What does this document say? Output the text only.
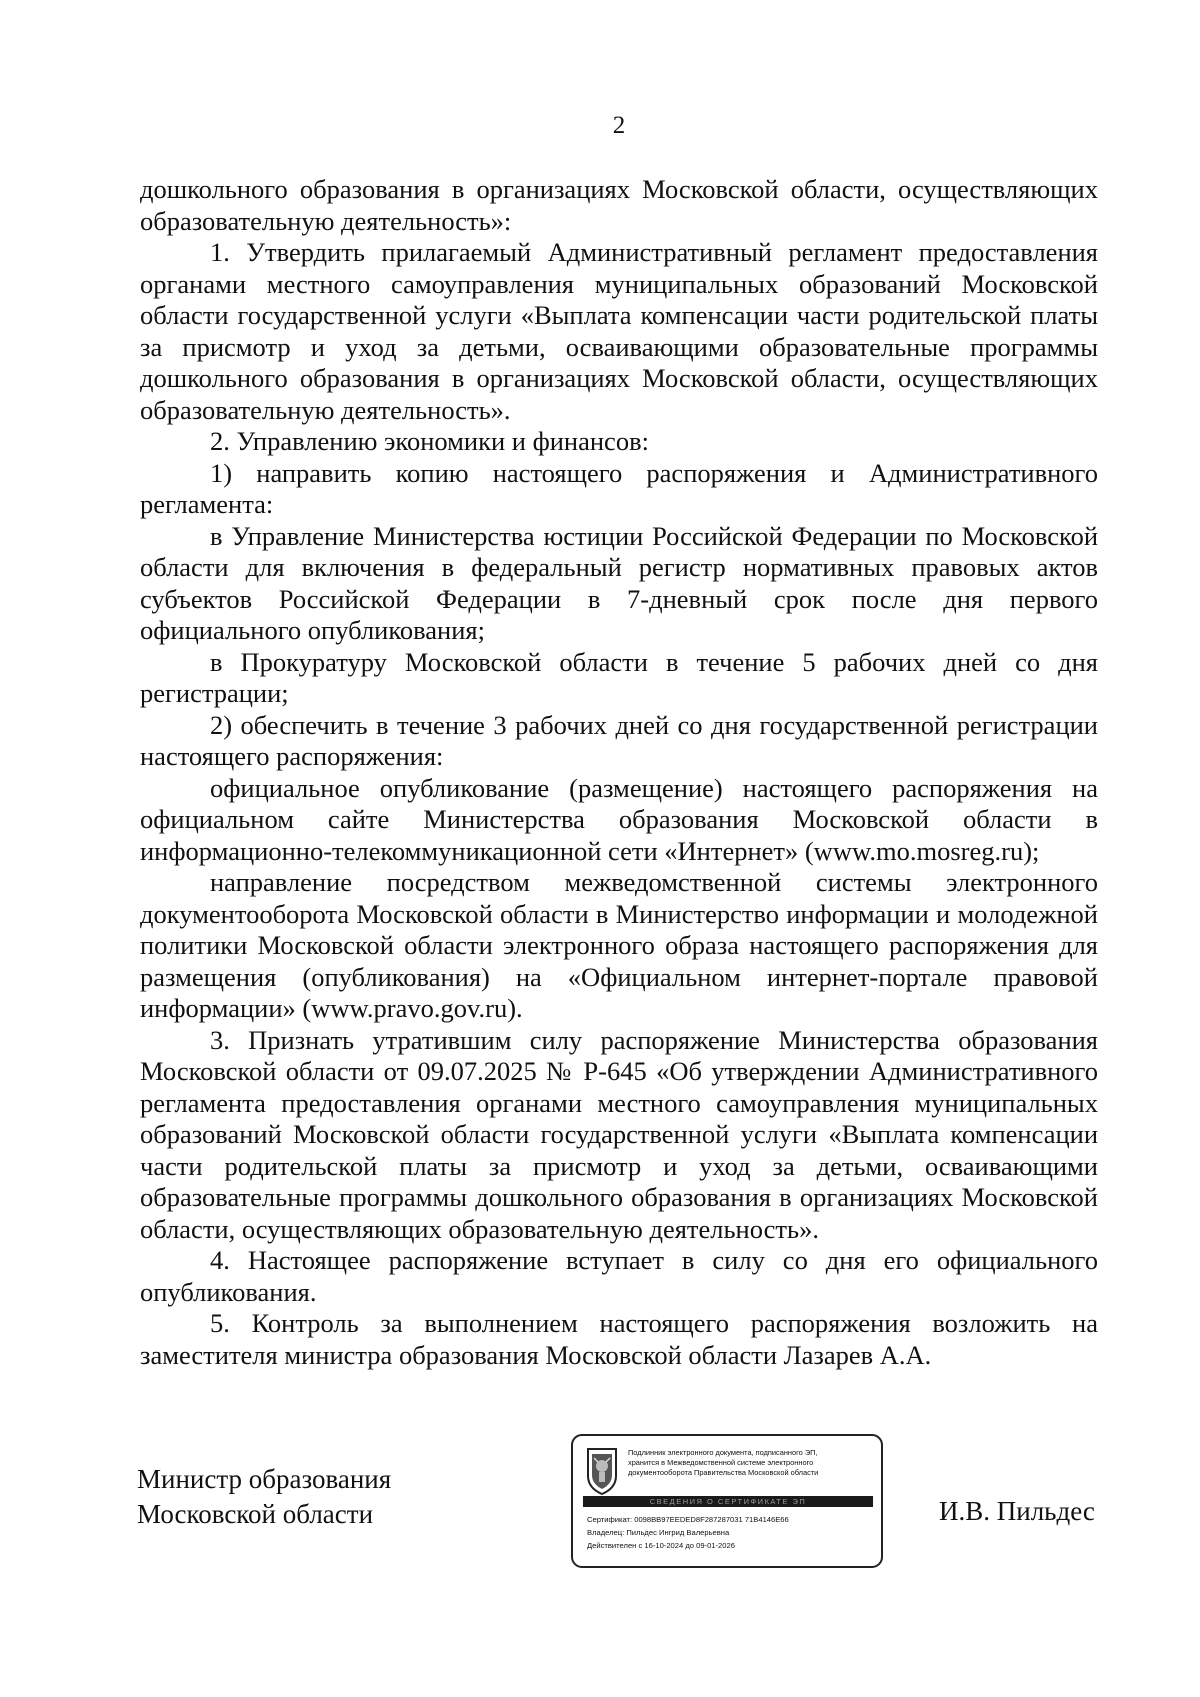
2

дошкольного образования в организациях Московской области, осуществляющих образовательную деятельность»:

1. Утвердить прилагаемый Административный регламент предоставления органами местного самоуправления муниципальных образований Московской области государственной услуги «Выплата компенсации части родительской платы за присмотр и уход за детьми, осваивающими образовательные программы дошкольного образования в организациях Московской области, осуществляющих образовательную деятельность».

2. Управлению экономики и финансов:

1) направить копию настоящего распоряжения и Административного регламента:

в Управление Министерства юстиции Российской Федерации по Московской области для включения в федеральный регистр нормативных правовых актов субъектов Российской Федерации в 7-дневный срок после дня первого официального опубликования;

в Прокуратуру Московской области в течение 5 рабочих дней со дня регистрации;

2) обеспечить в течение 3 рабочих дней со дня государственной регистрации настоящего распоряжения:

официальное опубликование (размещение) настоящего распоряжения на официальном сайте Министерства образования Московской области в информационно-телекоммуникационной сети «Интернет» (www.mo.mosreg.ru);

направление посредством межведомственной системы электронного документооборота Московской области в Министерство информации и молодежной политики Московской области электронного образа настоящего распоряжения для размещения (опубликования) на «Официальном интернет-портале правовой информации» (www.pravo.gov.ru).

3. Признать утратившим силу распоряжение Министерства образования Московской области от 09.07.2025 № Р-645 «Об утверждении Административного регламента предоставления органами местного самоуправления муниципальных образований Московской области государственной услуги «Выплата компенсации части родительской платы за присмотр и уход за детьми, осваивающими образовательные программы дошкольного образования в организациях Московской области, осуществляющих образовательную деятельность».

4. Настоящее распоряжение вступает в силу со дня его официального опубликования.

5. Контроль за выполнением настоящего распоряжения возложить на заместителя министра образования Московской области Лазарев А.А.

Министр образования
Московской области
Подлинник электронного документа, подписанного ЭП,
хранится в Межведомственной системе электронного
документооборота Правительства Московской области
СВЕДЕНИЯ О СЕРТИФИКАТЕ ЭП
Сертификат: 0098BB97EEDED8F287287031 71B4146E66
Владелец: Пильдес Ингрид Валерьевна
Действителен с 16-10-2024 до 09-01-2026
И.В. Пильдес
